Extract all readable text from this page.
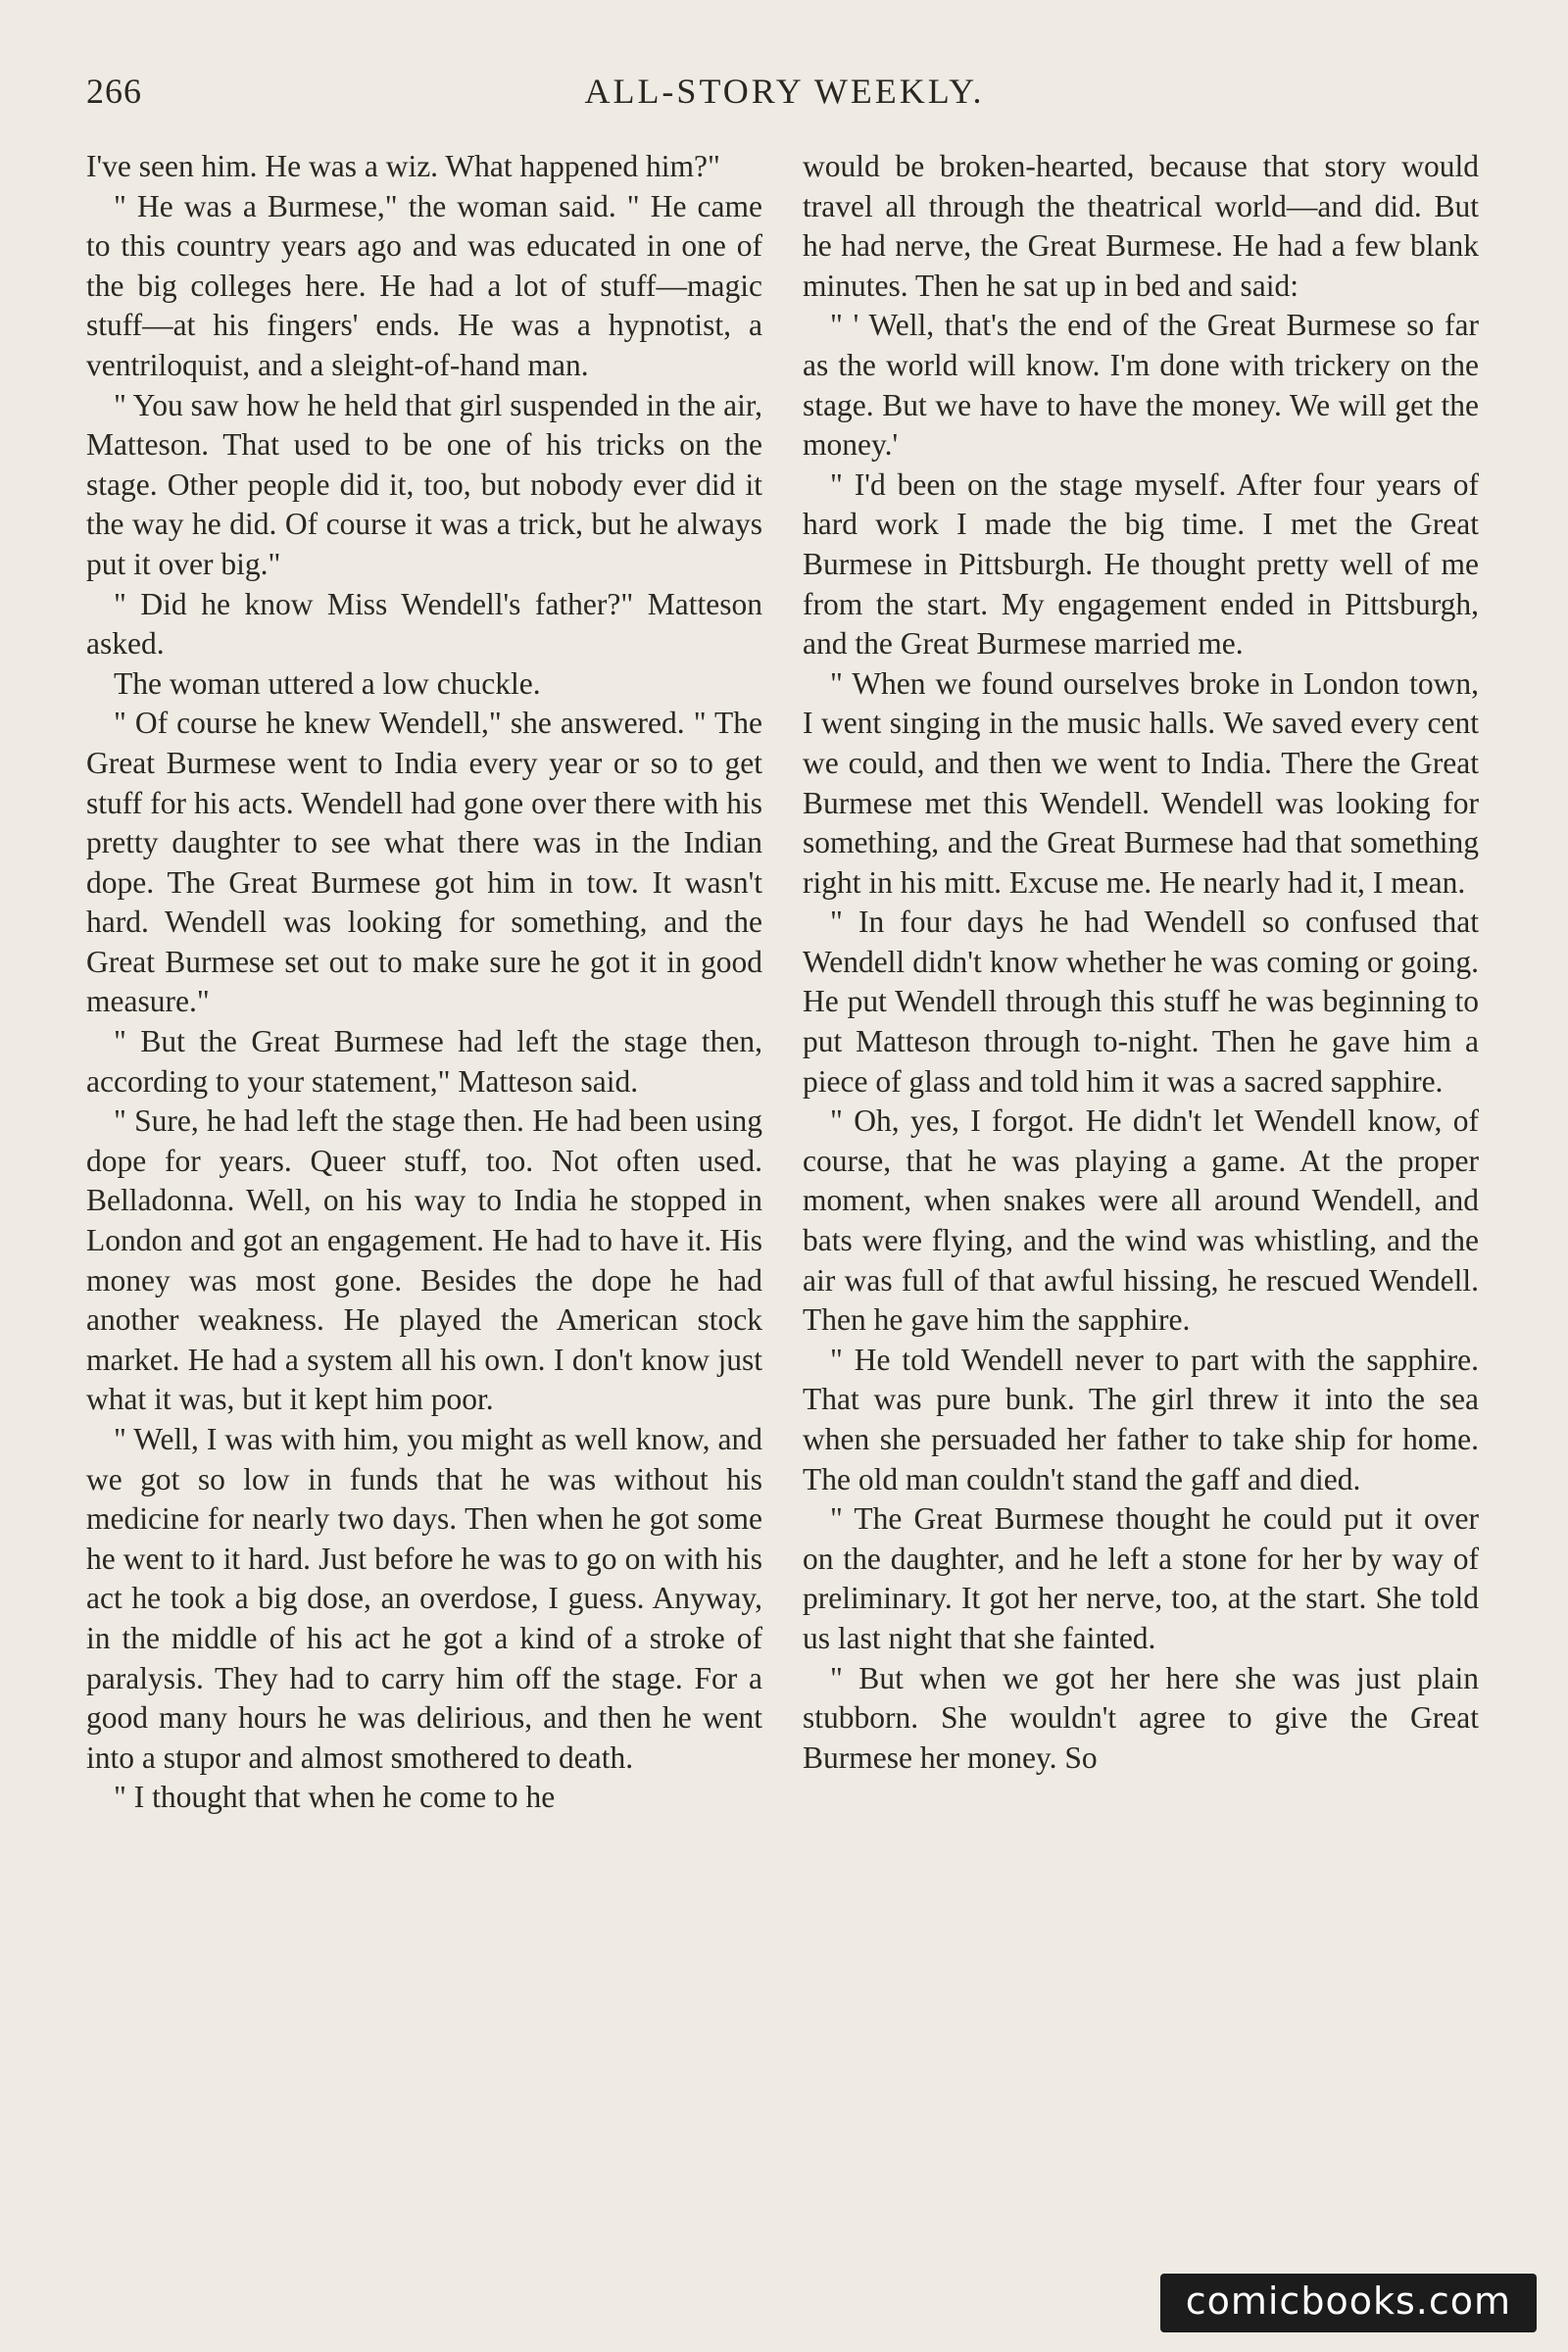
266	ALL-STORY WEEKLY.

I've seen him. He was a wiz. What happened him?"

" He was a Burmese," the woman said. " He came to this country years ago and was educated in one of the big colleges here. He had a lot of stuff—magic stuff—at his fingers' ends. He was a hypnotist, a ventriloquist, and a sleight-of-hand man.

" You saw how he held that girl suspended in the air, Matteson. That used to be one of his tricks on the stage. Other people did it, too, but nobody ever did it the way he did. Of course it was a trick, but he always put it over big."

" Did he know Miss Wendell's father?" Matteson asked.

The woman uttered a low chuckle.

" Of course he knew Wendell," she answered. " The Great Burmese went to India every year or so to get stuff for his acts. Wendell had gone over there with his pretty daughter to see what there was in the Indian dope. The Great Burmese got him in tow. It wasn't hard. Wendell was looking for something, and the Great Burmese set out to make sure he got it in good measure."

" But the Great Burmese had left the stage then, according to your statement," Matteson said.

" Sure, he had left the stage then. He had been using dope for years. Queer stuff, too. Not often used. Belladonna. Well, on his way to India he stopped in London and got an engagement. He had to have it. His money was most gone. Besides the dope he had another weakness. He played the American stock market. He had a system all his own. I don't know just what it was, but it kept him poor.

" Well, I was with him, you might as well know, and we got so low in funds that he was without his medicine for nearly two days. Then when he got some he went to it hard. Just before he was to go on with his act he took a big dose, an overdose, I guess. Anyway, in the middle of his act he got a kind of a stroke of paralysis. They had to carry him off the stage. For a good many hours he was delirious, and then he went into a stupor and almost smothered to death.

" I thought that when he come to he

would be broken-hearted, because that story would travel all through the theatrical world—and did. But he had nerve, the Great Burmese. He had a few blank minutes. Then he sat up in bed and said:

" ' Well, that's the end of the Great Burmese so far as the world will know. I'm done with trickery on the stage. But we have to have the money. We will get the money.'

" I'd been on the stage myself. After four years of hard work I made the big time. I met the Great Burmese in Pittsburgh. He thought pretty well of me from the start. My engagement ended in Pittsburgh, and the Great Burmese married me.

" When we found ourselves broke in London town, I went singing in the music halls. We saved every cent we could, and then we went to India. There the Great Burmese met this Wendell. Wendell was looking for something, and the Great Burmese had that something right in his mitt. Excuse me. He nearly had it, I mean.

" In four days he had Wendell so confused that Wendell didn't know whether he was coming or going. He put Wendell through this stuff he was beginning to put Matteson through to-night. Then he gave him a piece of glass and told him it was a sacred sapphire.

" Oh, yes, I forgot. He didn't let Wendell know, of course, that he was playing a game. At the proper moment, when snakes were all around Wendell, and bats were flying, and the wind was whistling, and the air was full of that awful hissing, he rescued Wendell. Then he gave him the sapphire.

" He told Wendell never to part with the sapphire. That was pure bunk. The girl threw it into the sea when she persuaded her father to take ship for home. The old man couldn't stand the gaff and died.

" The Great Burmese thought he could put it over on the daughter, and he left a stone for her by way of preliminary. It got her nerve, too, at the start. She told us last night that she fainted.

" But when we got her here she was just plain stubborn. She wouldn't agree to give the Great Burmese her money. So

comicbooks.com
